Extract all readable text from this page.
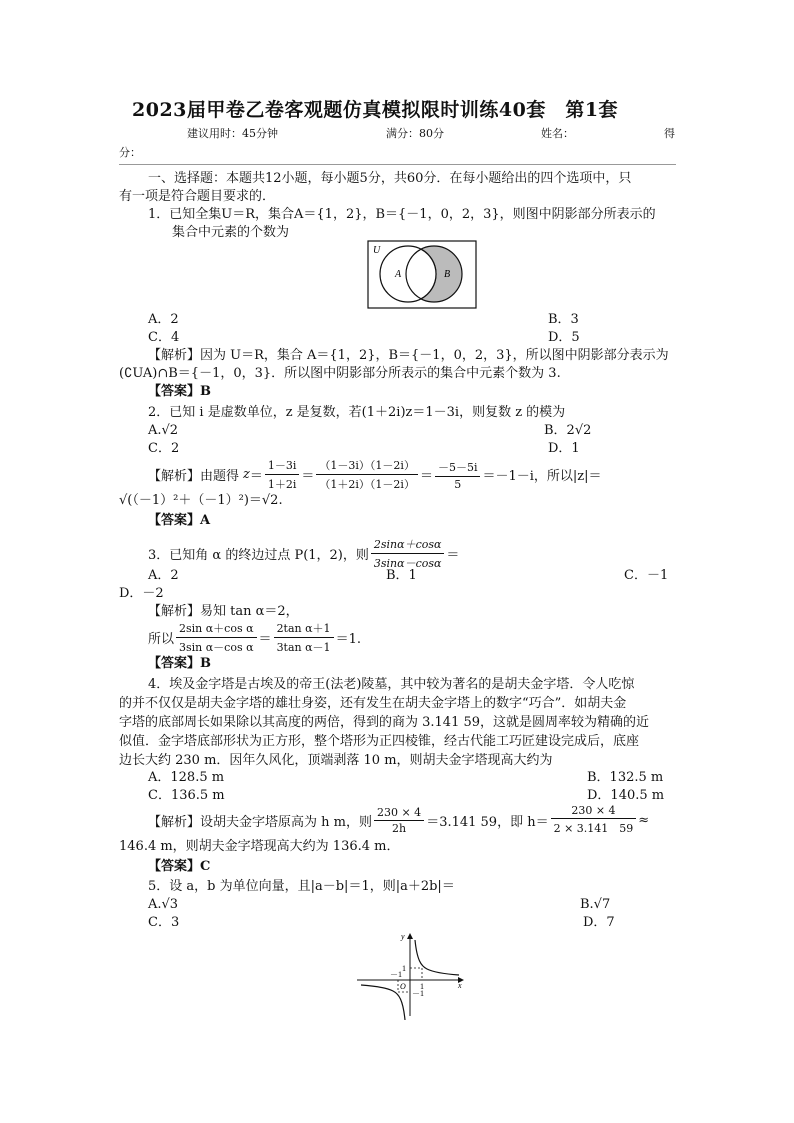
2023届甲卷乙卷客观题仿真模拟限时训练40套　第1套
建议用时：45分钟	满分：80分	姓名：	得
分：
一、选择题：本题共12小题，每小题5分，共60分．在每小题给出的四个选项中，只
有一项是符合题目要求的．
1．已知全集U＝R，集合A＝{1，2}，B＝{－1，0，2，3}，则图中阴影部分所表示的
集合中元素的个数为
U
A	B
A．2	B．3
C．4	D．5
【解析】因为 U＝R，集合 A＝{1，2}，B＝{－1，0，2，3}，所以图中阴影部分表示为
(∁UA)∩B＝{－1，0，3}．所以图中阴影部分所表示的集合中元素个数为 3.
【答案】B
2．已知 i 是虚数单位，z 是复数，若(1＋2i)z＝1－3i，则复数 z 的模为
A.√2	B．2√2
C．2	D．1
【解析】由题得 $z = \frac{1-3i}{1+2i} = \frac{(1-3i)(1-2i)}{(1+2i)(1-2i)} = \frac{-5-5i}{5} =-1-i$，所以|z|＝
√(（－1）²＋（－1）²)＝√2.
【答案】A
3．已知角 α 的终边过点 P(1，2)，则 $\frac{2\sin\alpha+\cos\alpha}{3\sin\alpha-\cos\alpha}$ ＝
A．2	B．1	C．－1
D．－2
【解析】易知 tan α＝2，
所以 $\frac{\text{2sin α＋cos α}}{\text{3sin α－cos α}} = \frac{\text{2tan α＋1}}{\text{3tan α－1}} =1$.
【答案】B
4．埃及金字塔是古埃及的帝王(法老)陵墓，其中较为著名的是胡夫金字塔．令人吃惊
的并不仅仅是胡夫金字塔的雄壮身姿，还有发生在胡夫金字塔上的数字“巧合”．如胡夫金
字塔的底部周长如果除以其高度的两倍，得到的商为 3.141 59，这就是圆周率较为精确的近
似值．金字塔底部形状为正方形，整个塔形为正四棱锥，经古代能工巧匠建设完成后，底座
边长大约 230 m．因年久风化，顶端剥落 10 m，则胡夫金字塔现高大约为
A．128.5 m	B．132.5 m
C．136.5 m	D．140.5 m
【解析】设胡夫金字塔原高为 h m，则 $\frac{230 \times 4}{2h} =3.141$ 59，即 $h= \frac{230 \times 4}{2 \times 3.141 59}$ ≈
146.4 m，则胡夫金字塔现高大约为 136.4 m．
【答案】C
5．设 a，b 为单位向量，且|a－b|＝1，则|a＋2b|＝
A.√3	B.√7
C．3	D．7
y
x
O
1
1
－1
－1
